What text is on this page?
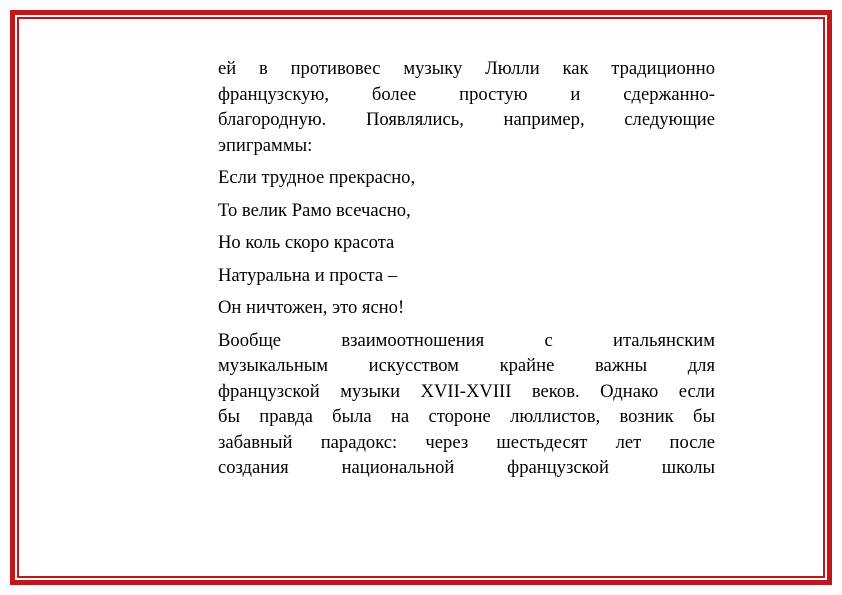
ей в противовес музыку Люлли как традиционно
французскую, более простую и сдержанно-
благородную. Появлялись, например, следующие
эпиграммы:
Если трудное прекрасно,
То велик Рамо всечасно,
Но коль скоро красота
Натуральна и проста –
Он ничтожен, это ясно!
Вообще взаимоотношения с итальянским
музыкальным искусством крайне важны для
французской музыки XVII-XVIII веков. Однако если
бы правда была на стороне люллистов, возник бы
забавный парадокс: через шестьдесят лет после
создания национальной французской школы
